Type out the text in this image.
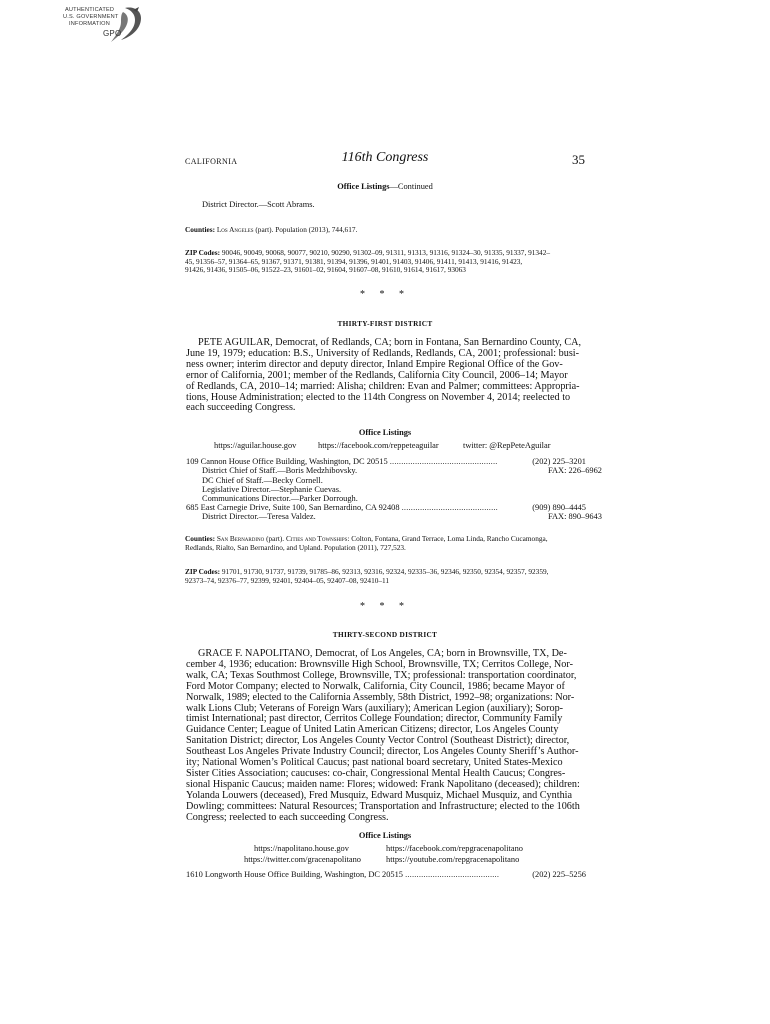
AUTHENTICATED
U.S. GOVERNMENT
INFORMATION
GPO
CALIFORNIA	116th Congress	35
Office Listings—Continued
District Director.—Scott Abrams.
Counties: Los Angeles (part). Population (2013), 744,617.
ZIP Codes: 90046, 90049, 90068, 90077, 90210, 90290, 91302–09, 91311, 91313, 91316, 91324–30, 91335, 91337, 91342–
45, 91356–57, 91364–65, 91367, 91371, 91381, 91394, 91396, 91401, 91403, 91406, 91411, 91413, 91416, 91423,
91426, 91436, 91505–06, 91522–23, 91601–02, 91604, 91607–08, 91610, 91614, 91617, 93063
* * *
THIRTY-FIRST DISTRICT
PETE AGUILAR, Democrat, of Redlands, CA; born in Fontana, San Bernardino County, CA,
June 19, 1979; education: B.S., University of Redlands, Redlands, CA, 2001; professional: busi-
ness owner; interim director and deputy director, Inland Empire Regional Office of the Gov-
ernor of California, 2001; member of the Redlands, California City Council, 2006–14; Mayor
of Redlands, CA, 2010–14; married: Alisha; children: Evan and Palmer; committees: Appropria-
tions, House Administration; elected to the 114th Congress on November 4, 2014; reelected to
each succeeding Congress.
Office Listings
https://aguilar.house.gov	https://facebook.com/reppeteaguilar	twitter: @RepPeteAguilar
109 Cannon House Office Building, Washington, DC 20515 ...............................................	(202) 225–3201
District Chief of Staff.—Boris Medzhibovsky.	FAX: 226–6962
DC Chief of Staff.—Becky Cornell.
Legislative Director.—Stephanie Cuevas.
Communications Director.—Parker Dorrough.
685 East Carnegie Drive, Suite 100, San Bernardino, CA 92408 ..........................................	(909) 890–4445
District Director.—Teresa Valdez.	FAX: 890–9643
Counties: San Bernardino (part). Cities and Townships: Colton, Fontana, Grand Terrace, Loma Linda, Rancho Cucamonga,
Redlands, Rialto, San Bernardino, and Upland. Population (2011), 727,523.
ZIP Codes: 91701, 91730, 91737, 91739, 91785–86, 92313, 92316, 92324, 92335–36, 92346, 92350, 92354, 92357, 92359,
92373–74, 92376–77, 92399, 92401, 92404–05, 92407–08, 92410–11
* * *
THIRTY-SECOND DISTRICT
GRACE F. NAPOLITANO, Democrat, of Los Angeles, CA; born in Brownsville, TX, De-
cember 4, 1936; education: Brownsville High School, Brownsville, TX; Cerritos College, Nor-
walk, CA; Texas Southmost College, Brownsville, TX; professional: transportation coordinator,
Ford Motor Company; elected to Norwalk, California, City Council, 1986; became Mayor of
Norwalk, 1989; elected to the California Assembly, 58th District, 1992–98; organizations: Nor-
walk Lions Club; Veterans of Foreign Wars (auxiliary); American Legion (auxiliary); Sorop-
timist International; past director, Cerritos College Foundation; director, Community Family
Guidance Center; League of United Latin American Citizens; director, Los Angeles County
Sanitation District; director, Los Angeles County Vector Control (Southeast District); director,
Southeast Los Angeles Private Industry Council; director, Los Angeles County Sheriff’s Author-
ity; National Women’s Political Caucus; past national board secretary, United States-Mexico
Sister Cities Association; caucuses: co-chair, Congressional Mental Health Caucus; Congres-
sional Hispanic Caucus; maiden name: Flores; widowed: Frank Napolitano (deceased); children:
Yolanda Louwers (deceased), Fred Musquiz, Edward Musquiz, Michael Musquiz, and Cynthia
Dowling; committees: Natural Resources; Transportation and Infrastructure; elected to the 106th
Congress; reelected to each succeeding Congress.
Office Listings
https://napolitano.house.gov	https://facebook.com/repgracenapolitano
https://twitter.com/gracenapolitano	https://youtube.com/repgracenapolitano
1610 Longworth House Office Building, Washington, DC 20515 .........................................	(202) 225–5256
